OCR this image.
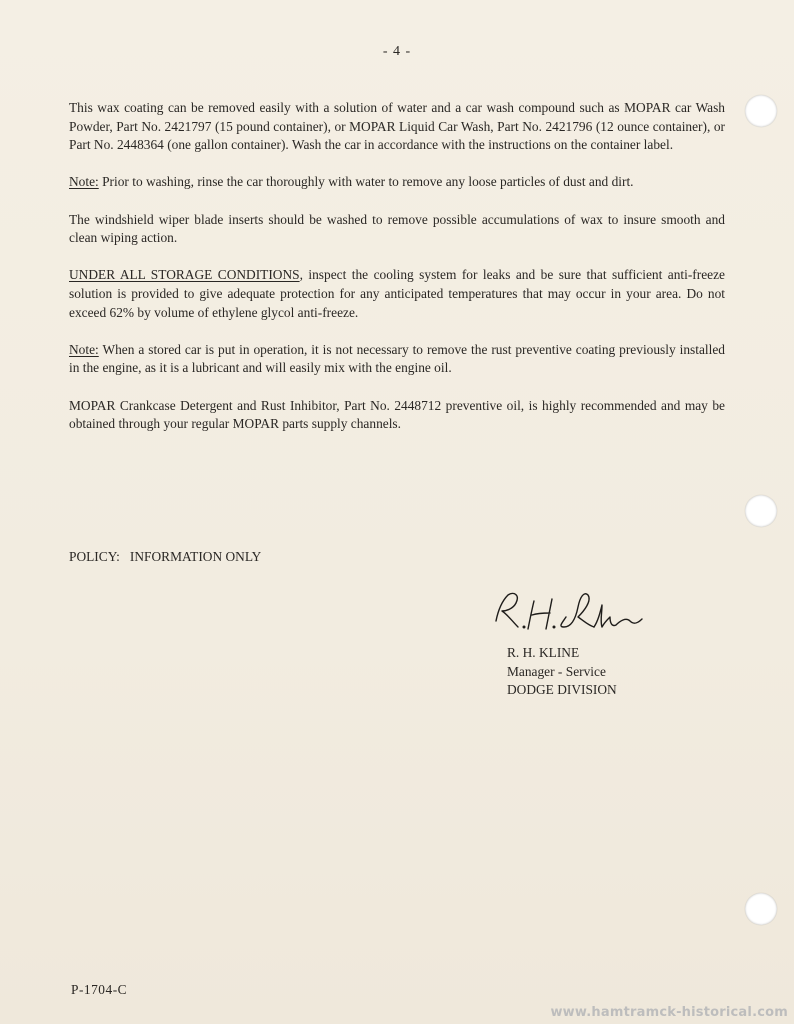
- 4 -

This wax coating can be removed easily with a solution of water and a car wash compound such as MOPAR car Wash Powder, Part No. 2421797 (15 pound container), or MOPAR Liquid Car Wash, Part No. 2421796 (12 ounce container), or Part No. 2448364 (one gallon container). Wash the car in accordance with the instructions on the container label.

Note: Prior to washing, rinse the car thoroughly with water to remove any loose particles of dust and dirt.

The windshield wiper blade inserts should be washed to remove possible accumulations of wax to insure smooth and clean wiping action.

UNDER ALL STORAGE CONDITIONS, inspect the cooling system for leaks and be sure that sufficient anti-freeze solution is provided to give adequate protection for any anticipated temperatures that may occur in your area. Do not exceed 62% by volume of ethylene glycol anti-freeze.

Note: When a stored car is put in operation, it is not necessary to remove the rust preventive coating previously installed in the engine, as it is a lubricant and will easily mix with the engine oil.

MOPAR Crankcase Detergent and Rust Inhibitor, Part No. 2448712 preventive oil, is highly recommended and may be obtained through your regular MOPAR parts supply channels.

POLICY:   INFORMATION ONLY
R. H. KLINE
Manager - Service
DODGE DIVISION
P-1704-C
www.hamtramck-historical.com
